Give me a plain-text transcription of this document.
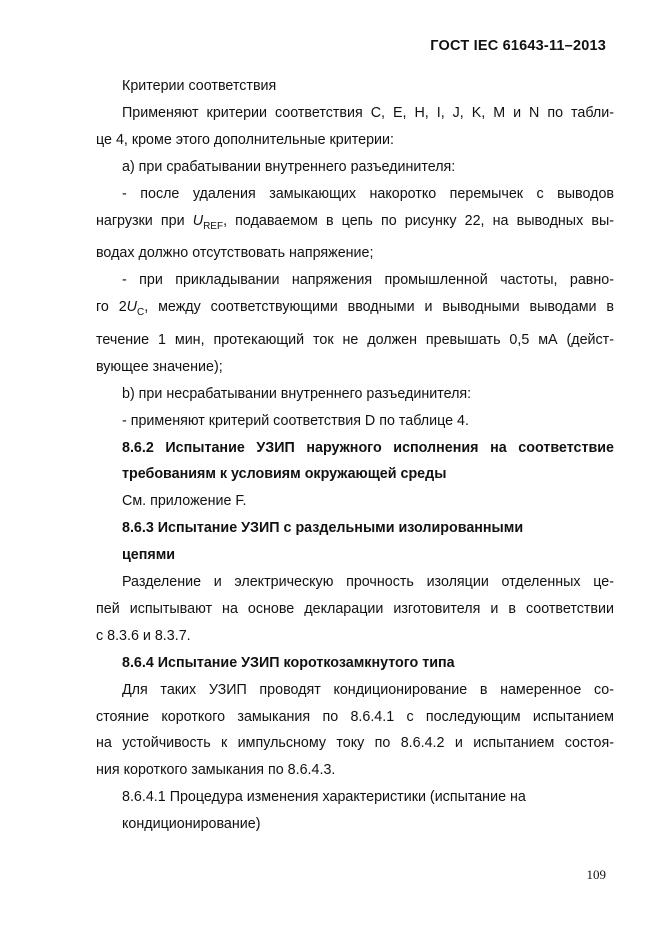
ГОСТ IEC 61643-11–2013

Критерии соответствия

Применяют критерии соответствия С, Е, Н, I, J, K, M и N по табли-

це 4, кроме этого дополнительные критерии:

а) при срабатывании внутреннего разъединителя:

- после удаления замыкающих накоротко перемычек с выводов

нагрузки при $U_{REF}$, подаваемом в цепь по рисунку 22, на выводных вы-

водах должно отсутствовать напряжение;

- при прикладывании напряжения промышленной частоты, равно-

го $2U_C$, между соответствующими вводными и выводными выводами в

течение 1 мин, протекающий ток не должен превышать 0,5 мА (дейст-

вующее значение);

b) при несрабатывании внутреннего разъединителя:

- применяют критерий соответствия D по таблице 4.

8.6.2 Испытание УЗИП наружного исполнения на соответствие

требованиям к условиям окружающей среды

См. приложение F.

8.6.3 Испытание УЗИП с раздельными изолированными

цепями

Разделение и электрическую прочность изоляции отделенных це-

пей испытывают на основе декларации изготовителя и в соответствии

с 8.3.6 и 8.3.7.

8.6.4 Испытание УЗИП короткозамкнутого типа

Для таких УЗИП проводят кондиционирование в намеренное со-

стояние короткого замыкания по 8.6.4.1 с последующим испытанием

на устойчивость к импульсному току по 8.6.4.2 и испытанием состоя-

ния короткого замыкания по 8.6.4.3.

8.6.4.1 Процедура изменения характеристики (испытание на

кондиционирование)

109
